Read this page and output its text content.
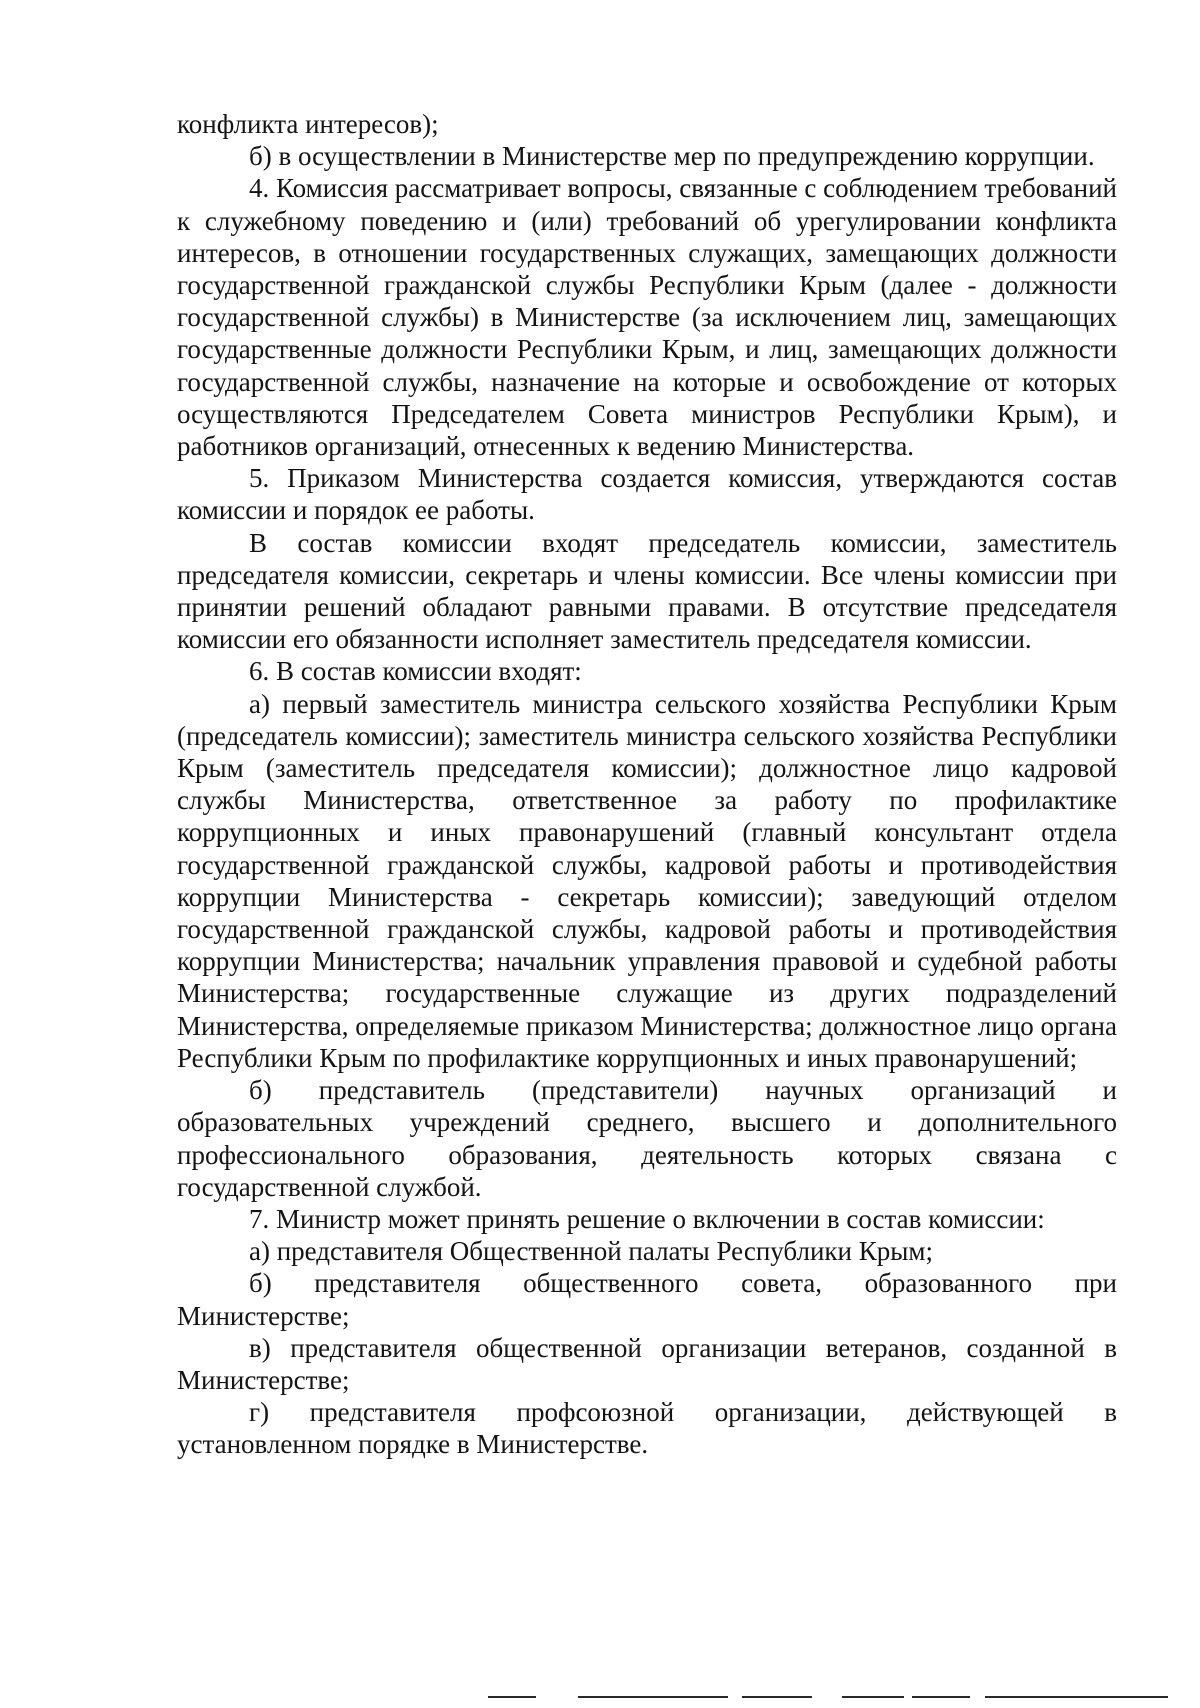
конфликта интересов);

б) в осуществлении в Министерстве мер по предупреждению коррупции.

4. Комиссия рассматривает вопросы, связанные с соблюдением требований к служебному поведению и (или) требований об урегулировании конфликта интересов, в отношении государственных служащих, замещающих должности государственной гражданской службы Республики Крым (далее - должности государственной службы) в Министерстве (за исключением лиц, замещающих государственные должности Республики Крым, и лиц, замещающих должности государственной службы, назначение на которые и освобождение от которых осуществляются Председателем Совета министров Республики Крым), и работников организаций, отнесенных к ведению Министерства.

5. Приказом Министерства создается комиссия, утверждаются состав комиссии и порядок ее работы.

В состав комиссии входят председатель комиссии, заместитель председателя комиссии, секретарь и члены комиссии. Все члены комиссии при принятии решений обладают равными правами. В отсутствие председателя комиссии его обязанности исполняет заместитель председателя комиссии.

6. В состав комиссии входят:

а) первый заместитель министра сельского хозяйства Республики Крым (председатель комиссии); заместитель министра сельского хозяйства Республики Крым (заместитель председателя комиссии); должностное лицо кадровой службы Министерства, ответственное за работу по профилактике коррупционных и иных правонарушений (главный консультант отдела государственной гражданской службы, кадровой работы и противодействия коррупции Министерства - секретарь комиссии); заведующий отделом государственной гражданской службы, кадровой работы и противодействия коррупции Министерства; начальник управления правовой и судебной работы Министерства; государственные служащие из других подразделений Министерства, определяемые приказом Министерства; должностное лицо органа Республики Крым по профилактике коррупционных и иных правонарушений;

б) представитель (представители) научных организаций и образовательных учреждений среднего, высшего и дополнительного профессионального образования, деятельность которых связана с государственной службой.

7. Министр может принять решение о включении в состав комиссии:

а) представителя Общественной палаты Республики Крым;

б) представителя общественного совета, образованного при Министерстве;

в) представителя общественной организации ветеранов, созданной в Министерстве;

г) представителя профсоюзной организации, действующей в установленном порядке в Министерстве.
